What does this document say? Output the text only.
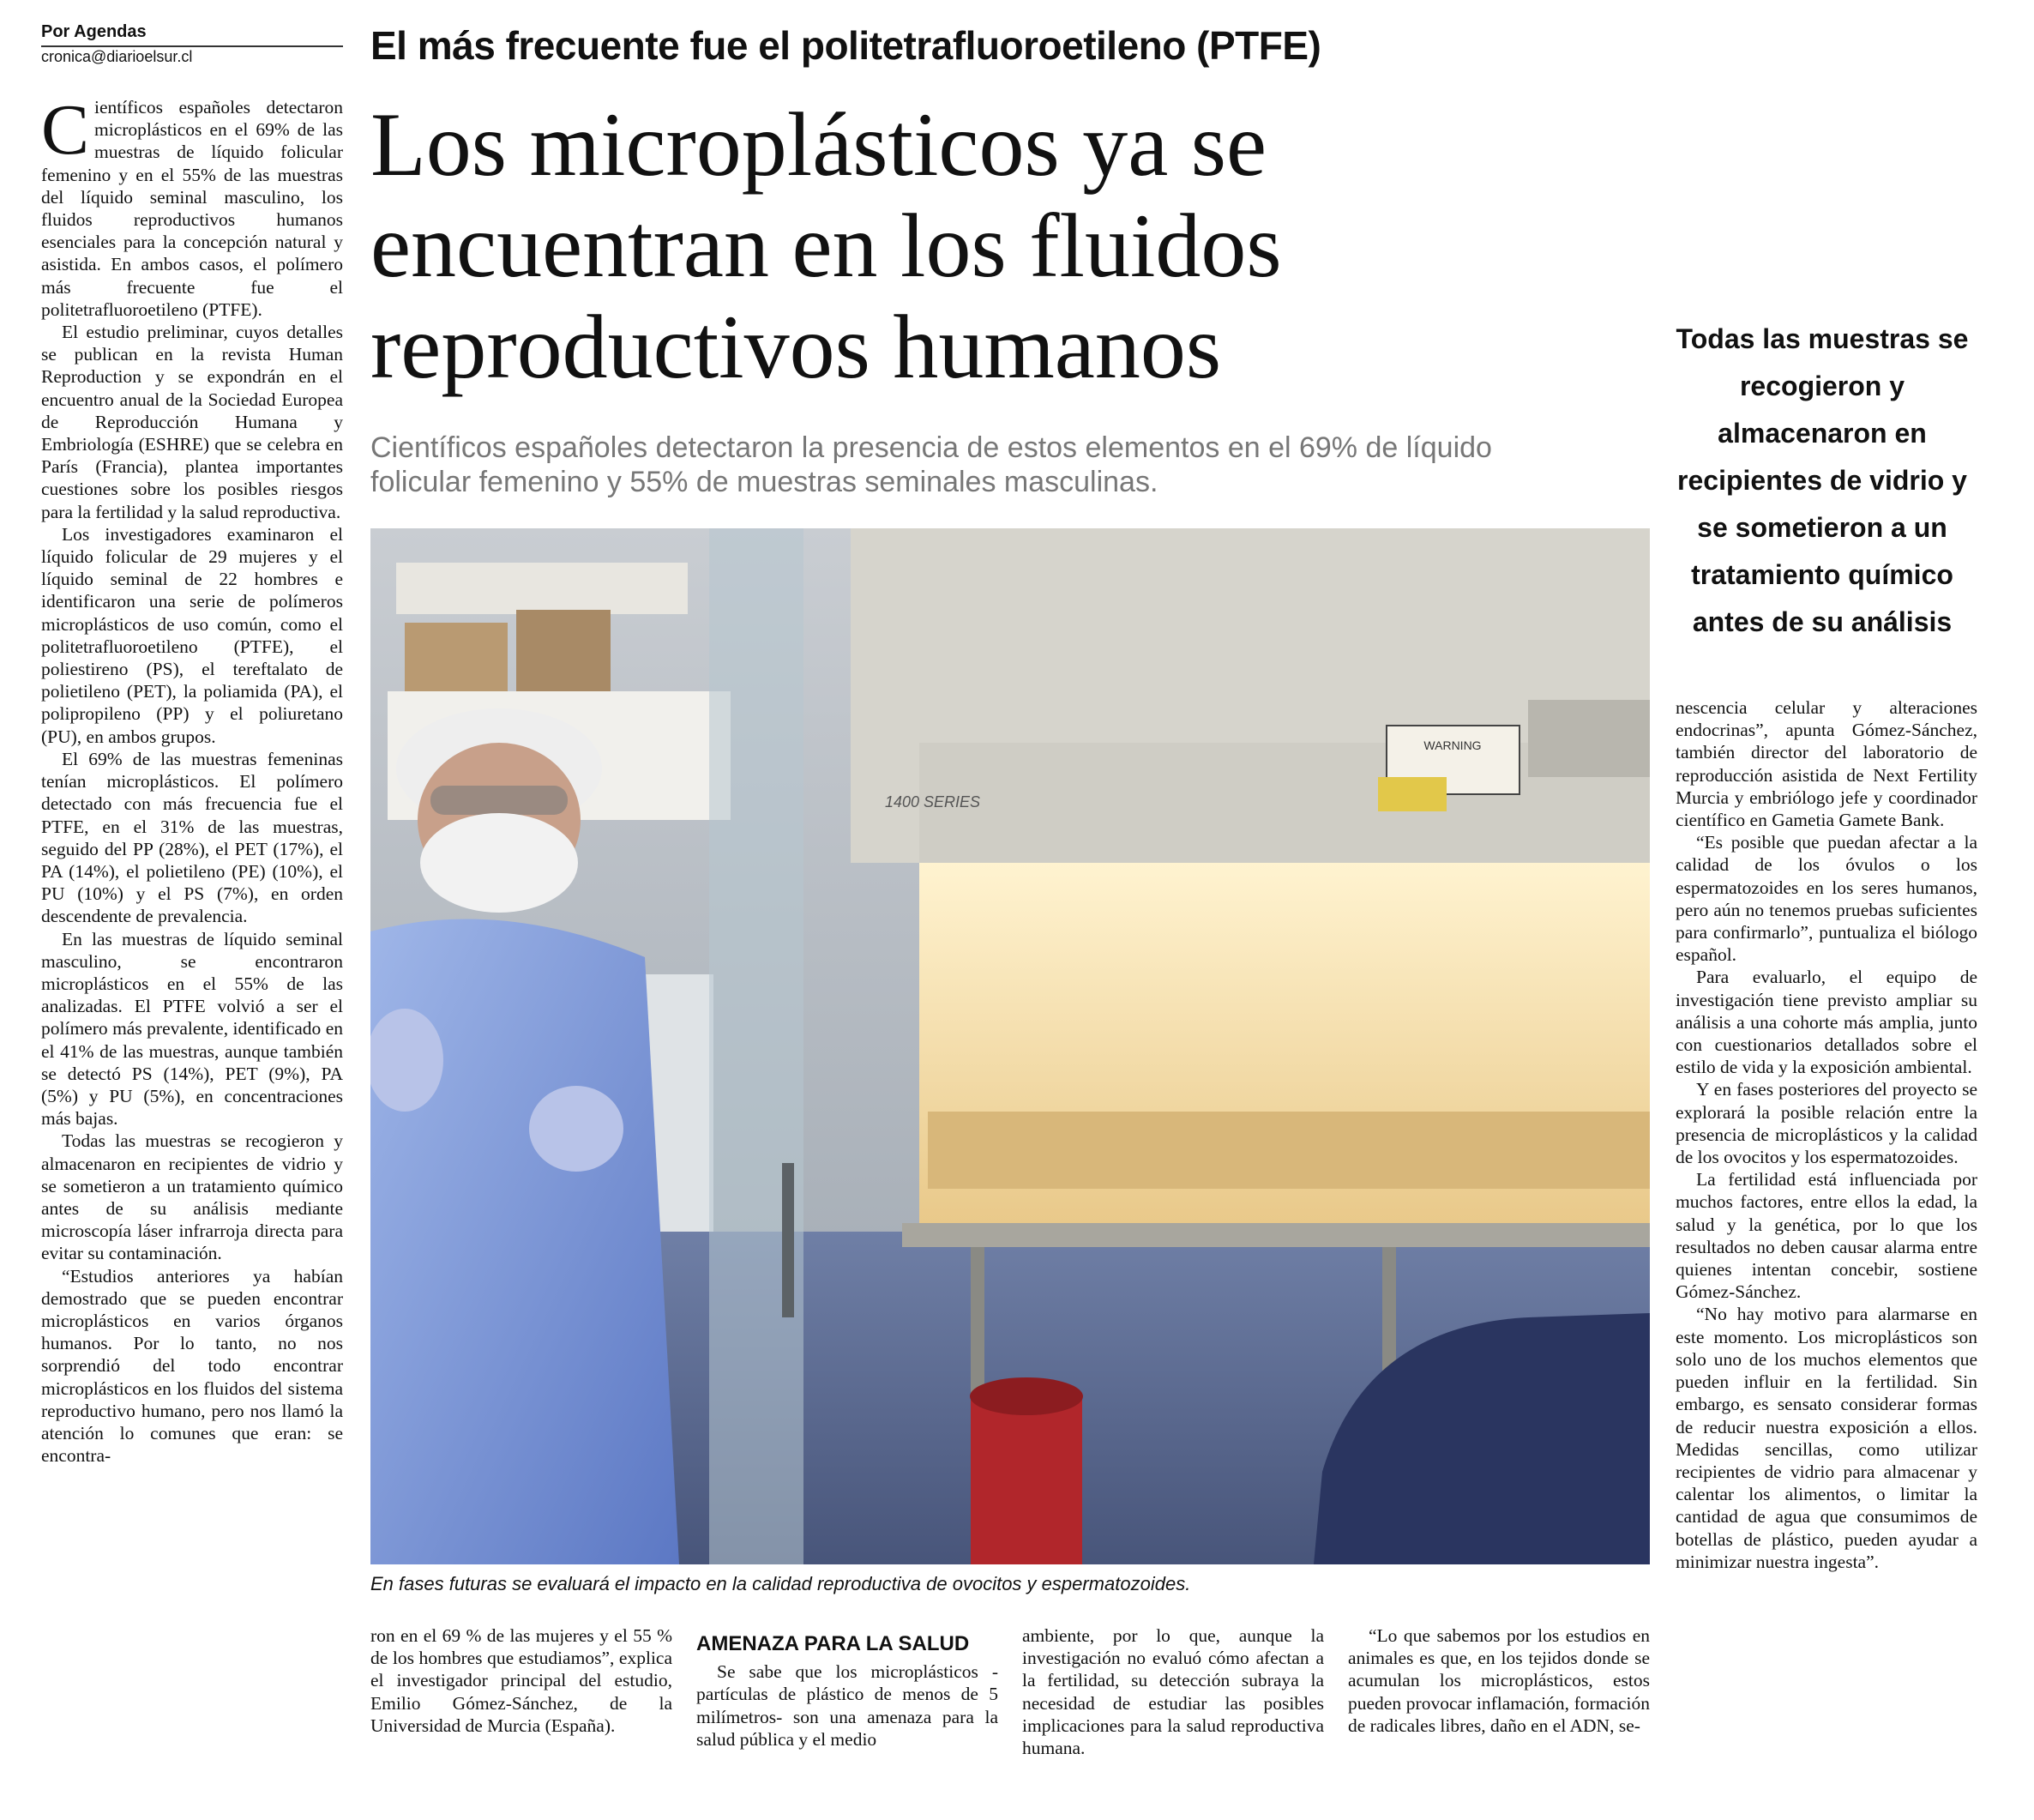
Por Agendas
cronica@diarioelsur.cl	El más frecuente fue el politetrafluoroetileno (PTFE)
Los microplásticos ya se encuentran en los fluidos reproductivos humanos
Científicos españoles detectaron la presencia de estos elementos en el 69% de líquido folicular femenino y 55% de muestras seminales masculinas.
Todas las muestras se recogieron y almacenaron en recipientes de vidrio y se sometieron a un tratamiento químico antes de su análisis

Científicos españoles detectaron microplásticos en el 69% de las muestras de líquido folicular femenino y en el 55% de las muestras del líquido seminal masculino, los fluidos reproductivos humanos esenciales para la concepción natural y asistida. En ambos casos, el polímero más frecuente fue el politetrafluoroetileno (PTFE).

El estudio preliminar, cuyos detalles se publican en la revista Human Reproduction y se expondrán en el encuentro anual de la Sociedad Europea de Reproducción Humana y Embriología (ESHRE) que se celebra en París (Francia), plantea importantes cuestiones sobre los posibles riesgos para la fertilidad y la salud reproductiva.

Los investigadores examinaron el líquido folicular de 29 mujeres y el líquido seminal de 22 hombres e identificaron una serie de polímeros microplásticos de uso común, como el politetrafluoroetileno (PTFE), el poliestireno (PS), el tereftalato de polietileno (PET), la poliamida (PA), el polipropileno (PP) y el poliuretano (PU), en ambos grupos.

El 69% de las muestras femeninas tenían microplásticos. El polímero detectado con más frecuencia fue el PTFE, en el 31% de las muestras, seguido del PP (28%), el PET (17%), el PA (14%), el polietileno (PE) (10%), el PU (10%) y el PS (7%), en orden descendente de prevalencia.

En las muestras de líquido seminal masculino, se encontraron microplásticos en el 55% de las analizadas. El PTFE volvió a ser el polímero más prevalente, identificado en el 41% de las muestras, aunque también se detectó PS (14%), PET (9%), PA (5%) y PU (5%), en concentraciones más bajas.

Todas las muestras se recogieron y almacenaron en recipientes de vidrio y se sometieron a un tratamiento químico antes de su análisis mediante microscopía láser infrarroja directa para evitar su contaminación.

“Estudios anteriores ya habían demostrado que se pueden encontrar microplásticos en varios órganos humanos. Por lo tanto, no nos sorprendió del todo encontrar microplásticos en los fluidos del sistema reproductivo humano, pero nos llamó la atención lo comunes que eran: se encontra-

WARNING
1400 SERIES
En fases futuras se evaluará el impacto en la calidad reproductiva de ovocitos y espermatozoides.

ron en el 69 % de las mujeres y el 55 % de los hombres que estudiamos”, explica el investigador principal del estudio, Emilio Gómez-Sánchez, de la Universidad de Murcia (España).

AMENAZA PARA LA SALUD

Se sabe que los microplásticos -partículas de plástico de menos de 5 milímetros- son una amenaza para la salud pública y el medio

ambiente, por lo que, aunque la investigación no evaluó cómo afectan a la fertilidad, su detección subraya la necesidad de estudiar las posibles implicaciones para la salud reproductiva humana.

“Lo que sabemos por los estudios en animales es que, en los tejidos donde se acumulan los microplásticos, estos pueden provocar inflamación, formación de radicales libres, daño en el ADN, se-

nescencia celular y alteraciones endocrinas”, apunta Gómez-Sánchez, también director del laboratorio de reproducción asistida de Next Fertility Murcia y embriólogo jefe y coordinador científico en Gametia Gamete Bank.

“Es posible que puedan afectar a la calidad de los óvulos o los espermatozoides en los seres humanos, pero aún no tenemos pruebas suficientes para confirmarlo”, puntualiza el biólogo español.

Para evaluarlo, el equipo de investigación tiene previsto ampliar su análisis a una cohorte más amplia, junto con cuestionarios detallados sobre el estilo de vida y la exposición ambiental.

Y en fases posteriores del proyecto se explorará la posible relación entre la presencia de microplásticos y la calidad de los ovocitos y los espermatozoides.

La fertilidad está influenciada por muchos factores, entre ellos la edad, la salud y la genética, por lo que los resultados no deben causar alarma entre quienes intentan concebir, sostiene Gómez-Sánchez.

“No hay motivo para alarmarse en este momento. Los microplásticos son solo uno de los muchos elementos que pueden influir en la fertilidad. Sin embargo, es sensato considerar formas de reducir nuestra exposición a ellos. Medidas sencillas, como utilizar recipientes de vidrio para almacenar y calentar los alimentos, o limitar la cantidad de agua que consumimos de botellas de plástico, pueden ayudar a minimizar nuestra ingesta”.
